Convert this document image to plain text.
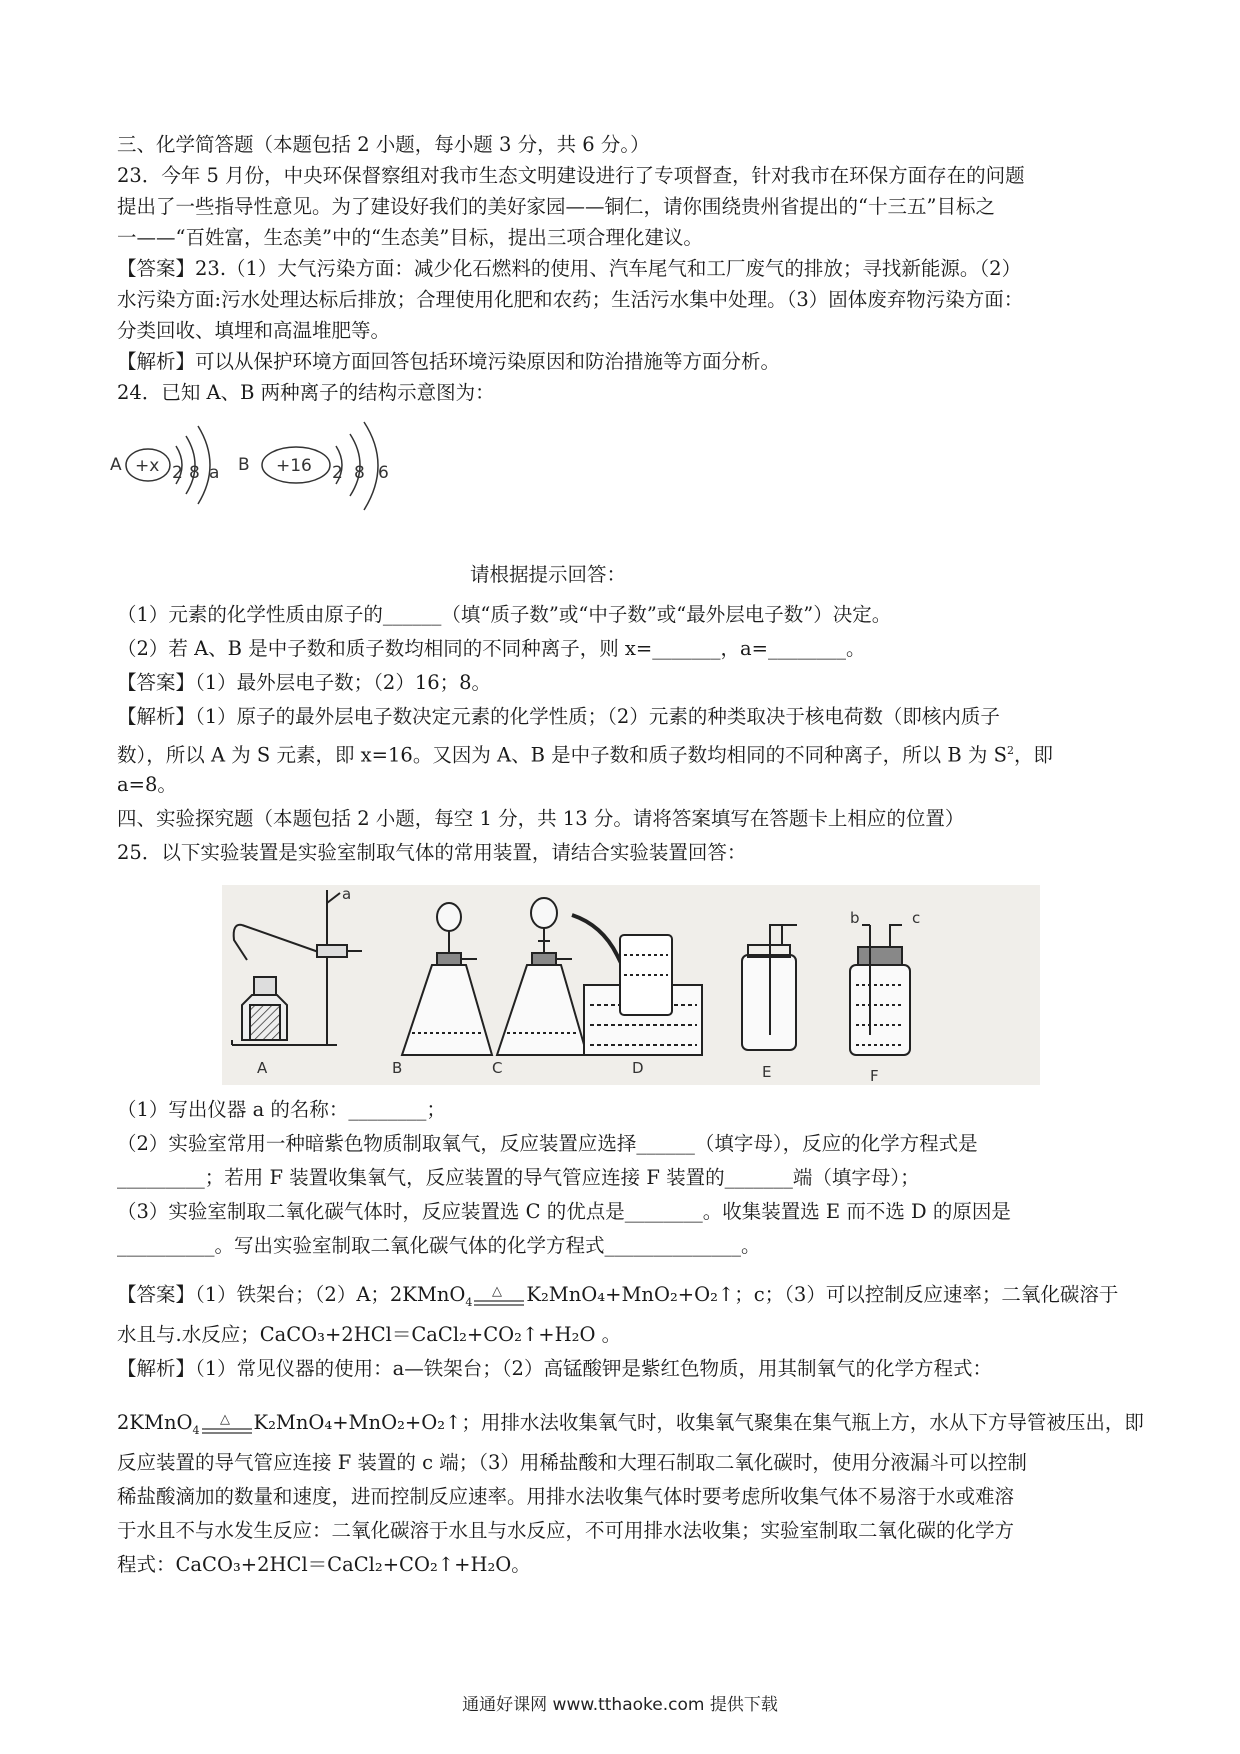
三、化学简答题（本题包括 2 小题，每小题 3 分，共 6 分。）
23．今年 5 月份，中央环保督察组对我市生态文明建设进行了专项督查，针对我市在环保方面存在的问题
提出了一些指导性意见。为了建设好我们的美好家园——铜仁，请你围绕贵州省提出的“十三五”目标之
一——“百姓富，生态美”中的“生态美”目标，提出三项合理化建议。
【答案】23.（1）大气污染方面：减少化石燃料的使用、汽车尾气和工厂废气的排放；寻找新能源。（2）
水污染方面:污水处理达标后排放；合理使用化肥和农药；生活污水集中处理。（3）固体废弃物污染方面：
分类回收、填埋和高温堆肥等。
【解析】可以从保护环境方面回答包括环境污染原因和防治措施等方面分析。
24．已知 A、B 两种离子的结构示意图为：
A +x 2 8 a B +16 2 8 6
请根据提示回答：
（1）元素的化学性质由原子的______（填“质子数”或“中子数”或“最外层电子数”）决定。
（2）若 A、B 是中子数和质子数均相同的不同种离子，则 x=_______，a=________。
【答案】（1）最外层电子数；（2）16；8。
【解析】（1）原子的最外层电子数决定元素的化学性质；（2）元素的种类取决于核电荷数（即核内质子
数），所以 A 为 S 元素，即 x=16。又因为 A、B 是中子数和质子数均相同的不同种离子，所以 B 为 $S^2$，即
a=8。
四、实验探究题（本题包括 2 小题，每空 1 分，共 13 分。请将答案填写在答题卡上相应的位置）
25．以下实验装置是实验室制取气体的常用装置，请结合实验装置回答：
a
b	c
A	B	C	D	E	F
（1）写出仪器 a 的名称：________；
（2）实验室常用一种暗紫色物质制取氧气，反应装置应选择______（填字母），反应的化学方程式是
_________；若用 F 装置收集氧气，反应装置的导气管应连接 F 装置的_______端（填字母）；
（3）实验室制取二氧化碳气体时，反应装置选 C 的优点是________。收集装置选 E 而不选 D 的原因是
__________。写出实验室制取二氧化碳气体的化学方程式______________。
【答案】（1）铁架台；（2）A；2KMnO$_4$
△ K₂MnO₄+MnO₂+O₂↑；c；（3）可以控制反应速率；二氧化碳溶于
水且与.水反应；CaCO₃+2HCl＝CaCl₂+CO₂↑+H₂O 。
【解析】（1）常见仪器的使用：a—铁架台；（2）高锰酸钾是紫红色物质，用其制氧气的化学方程式：
2KMnO$_4$
△ K₂MnO₄+MnO₂+O₂↑；用排水法收集氧气时，收集氧气聚集在集气瓶上方，水从下方导管被压出，即
反应装置的导气管应连接 F 装置的 c 端；（3）用稀盐酸和大理石制取二氧化碳时，使用分液漏斗可以控制
稀盐酸滴加的数量和速度，进而控制反应速率。用排水法收集气体时要考虑所收集气体不易溶于水或难溶
于水且不与水发生反应：二氧化碳溶于水且与水反应，不可用排水法收集；实验室制取二氧化碳的化学方
程式：CaCO₃+2HCl＝CaCl₂+CO₂↑+H₂O。
通通好课网 www.tthaoke.com 提供下载
